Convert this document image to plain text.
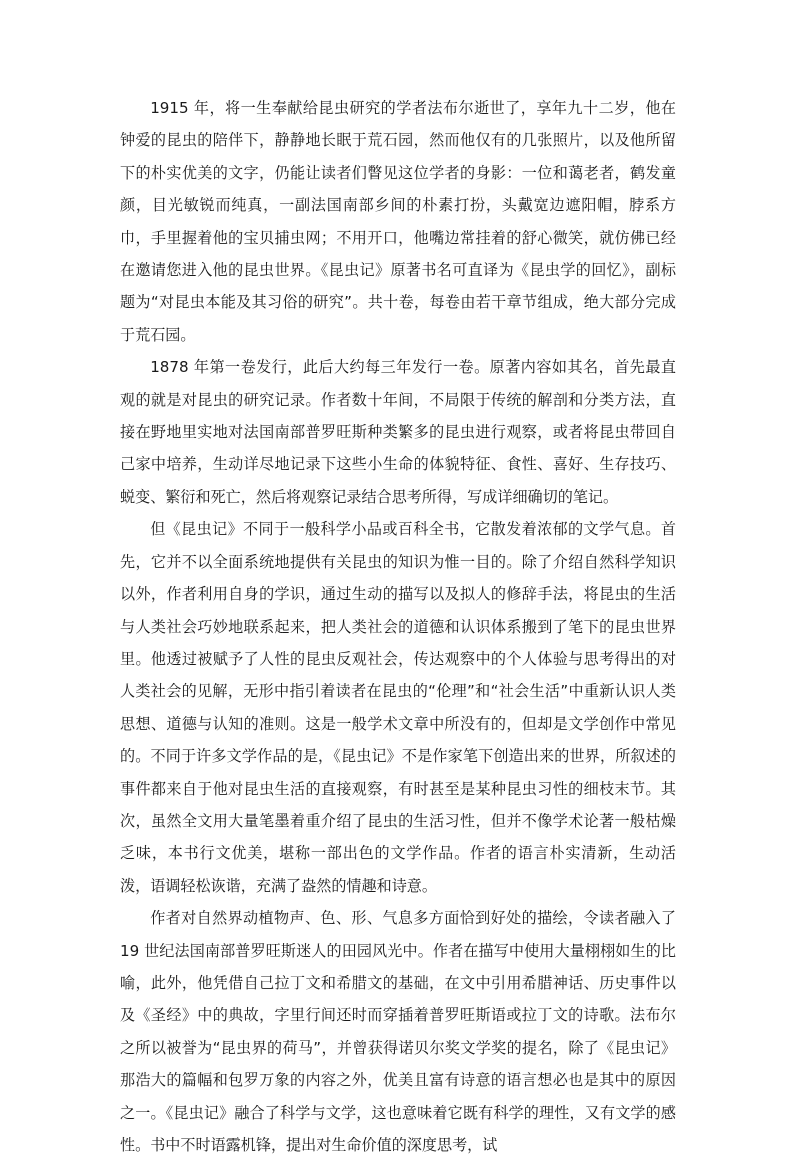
1915 年，将一生奉献给昆虫研究的学者法布尔逝世了，享年九十二岁，他在钟爱的昆虫的陪伴下，静静地长眠于荒石园，然而他仅有的几张照片，以及他所留下的朴实优美的文字，仍能让读者们瞥见这位学者的身影：一位和蔼老者，鹤发童颜，目光敏锐而纯真，一副法国南部乡间的朴素打扮，头戴宽边遮阳帽，脖系方巾，手里握着他的宝贝捕虫网；不用开口，他嘴边常挂着的舒心微笑，就仿佛已经在邀请您进入他的昆虫世界。《昆虫记》原著书名可直译为《昆虫学的回忆》，副标题为“对昆虫本能及其习俗的研究”。共十卷，每卷由若干章节组成，绝大部分完成于荒石园。

1878 年第一卷发行，此后大约每三年发行一卷。原著内容如其名，首先最直观的就是对昆虫的研究记录。作者数十年间，不局限于传统的解剖和分类方法，直接在野地里实地对法国南部普罗旺斯种类繁多的昆虫进行观察，或者将昆虫带回自己家中培养，生动详尽地记录下这些小生命的体貌特征、食性、喜好、生存技巧、蜕变、繁衍和死亡，然后将观察记录结合思考所得，写成详细确切的笔记。

但《昆虫记》不同于一般科学小品或百科全书，它散发着浓郁的文学气息。首先，它并不以全面系统地提供有关昆虫的知识为惟一目的。除了介绍自然科学知识以外，作者利用自身的学识，通过生动的描写以及拟人的修辞手法，将昆虫的生活与人类社会巧妙地联系起来，把人类社会的道德和认识体系搬到了笔下的昆虫世界里。他透过被赋予了人性的昆虫反观社会，传达观察中的个人体验与思考得出的对人类社会的见解，无形中指引着读者在昆虫的“伦理”和“社会生活”中重新认识人类思想、道德与认知的准则。这是一般学术文章中所没有的，但却是文学创作中常见的。不同于许多文学作品的是，《昆虫记》不是作家笔下创造出来的世界，所叙述的事件都来自于他对昆虫生活的直接观察，有时甚至是某种昆虫习性的细枝末节。其次，虽然全文用大量笔墨着重介绍了昆虫的生活习性，但并不像学术论著一般枯燥乏味，本书行文优美，堪称一部出色的文学作品。作者的语言朴实清新，生动活泼，语调轻松诙谐，充满了盎然的情趣和诗意。

作者对自然界动植物声、色、形、气息多方面恰到好处的描绘，令读者融入了 19 世纪法国南部普罗旺斯迷人的田园风光中。作者在描写中使用大量栩栩如生的比喻，此外，他凭借自己拉丁文和希腊文的基础，在文中引用希腊神话、历史事件以及《圣经》中的典故，字里行间还时而穿插着普罗旺斯语或拉丁文的诗歌。法布尔之所以被誉为“昆虫界的荷马”，并曾获得诺贝尔奖文学奖的提名，除了《昆虫记》那浩大的篇幅和包罗万象的内容之外，优美且富有诗意的语言想必也是其中的原因之一。《昆虫记》融合了科学与文学，这也意味着它既有科学的理性，又有文学的感性。书中不时语露机锋，提出对生命价值的深度思考，试
